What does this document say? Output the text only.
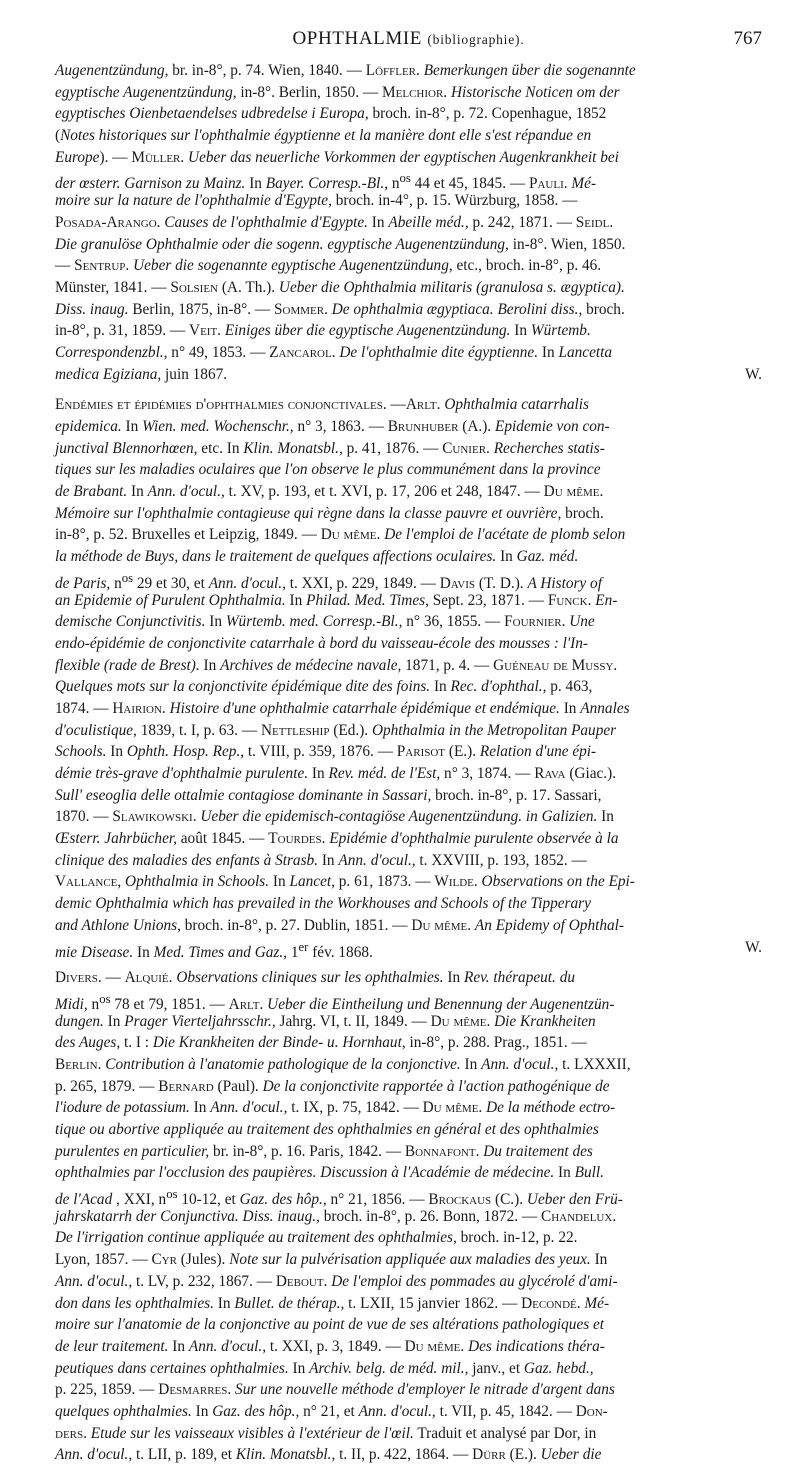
OPHTHALMIE (bibliographie).	767
Augenentzündung, br. in-8°, p. 74. Wien, 1840. — Löffler. Bemerkungen über die sogenannte
egyptische Augenentzündung, in-8°. Berlin, 1850. — Melchior. Historische Noticen om der
egyptisches Oienbetaendelses udbredelse i Europa, broch. in-8°, p. 72. Copenhague, 1852
(Notes historiques sur l'ophthalmie égyptienne et la manière dont elle s'est répandue en
Europe). — Müller. Ueber das neuerliche Vorkommen der egyptischen Augenkrankheit bei
der œsterr. Garnison zu Mainz. In Bayer. Corresp.-Bl., $n^{os}$ 44 et 45, 1845. — Pauli. Mé-
moire sur la nature de l'ophthalmie d'Egypte, broch. in-4°, p. 15. Würzburg, 1858. —
Posada-Arango. Causes de l'ophthalmie d'Egypte. In Abeille méd., p. 242, 1871. — Seidl.
Die granulöse Ophthalmie oder die sogenn. egyptische Augenentzündung, in-8°. Wien, 1850.
— Sentrup. Ueber die sogenannte egyptische Augenentzündung, etc., broch. in-8°, p. 46.
Münster, 1841. — Solsien (A. Th.). Ueber die Ophthalmia militaris (granulosa s. ægyptica).
Diss. inaug. Berlin, 1875, in-8°. — Sommer. De ophthalmia ægyptiaca. Berolini diss., broch.
in-8°, p. 31, 1859. — Veit. Einiges über die egyptische Augenentzündung. In Würtemb.
Correspondenzbl., n° 49, 1853. — Zancarol. De l'ophthalmie dite égyptienne. In Lancetta
medica Egiziana, juin 1867.	W.
Endémies et épidémies d'ophthalmies conjonctivales. —Arlt. Ophthalmia catarrhalis
epidemica. In Wien. med. Wochenschr., n° 3, 1863. — Brunhuber (A.). Epidemie von con-
junctival Blennorhœen, etc. In Klin. Monatsbl., p. 41, 1876. — Cunier. Recherches statis-
tiques sur les maladies oculaires que l'on observe le plus communément dans la province
de Brabant. In Ann. d'ocul., t. XV, p. 193, et t. XVI, p. 17, 206 et 248, 1847. — Du même.
Mémoire sur l'ophthalmie contagieuse qui règne dans la classe pauvre et ouvrière, broch.
in-8°, p. 52. Bruxelles et Leipzig, 1849. — Du même. De l'emploi de l'acétate de plomb selon
la méthode de Buys, dans le traitement de quelques affections oculaires. In Gaz. méd.
de Paris, $n^{os}$ 29 et 30, et Ann. d'ocul., t. XXI, p. 229, 1849. — Davis (T. D.). A History of
an Epidemie of Purulent Ophthalmia. In Philad. Med. Times, Sept. 23, 1871. — Funck. En-
demische Conjunctivitis. In Würtemb. med. Corresp.-Bl., n° 36, 1855. — Fournier. Une
endo-épidémie de conjonctivite catarrhale à bord du vaisseau-école des mousses : l'In-
flexible (rade de Brest). In Archives de médecine navale, 1871, p. 4. — Guéneau de Mussy.
Quelques mots sur la conjonctivite épidémique dite des foins. In Rec. d'ophthal., p. 463,
1874. — Hairion. Histoire d'une ophthalmie catarrhale épidémique et endémique. In Annales
d'oculistique, 1839, t. I, p. 63. — Nettleship (Ed.). Ophthalmia in the Metropolitan Pauper
Schools. In Ophth. Hosp. Rep., t. VIII, p. 359, 1876. — Parisot (E.). Relation d'une épi-
démie très-grave d'ophthalmie purulente. In Rev. méd. de l'Est, n° 3, 1874. — Rava (Giac.).
Sull' eseoglia delle ottalmie contagiose dominante in Sassari, broch. in-8°, p. 17. Sassari,
1870. — Slawikowski. Ueber die epidemisch-contagiöse Augenentzündung. in Galizien. In
Œsterr. Jahrbücher, août 1845. — Tourdes. Epidémie d'ophthalmie purulente observée à la
clinique des maladies des enfants à Strasb. In Ann. d'ocul., t. XXVIII, p. 193, 1852. —
Vallance, Ophthalmia in Schools. In Lancet, p. 61, 1873. — Wilde. Observations on the Epi-
demic Ophthalmia which has prevailed in the Workhouses and Schools of the Tipperary
and Athlone Unions, broch. in-8°, p. 27. Dublin, 1851. — Du même. An Epidemy of Ophthal-
mie Disease. In Med. Times and Gaz., 1er fév. 1868.	W.
Divers. — Alquié. Observations cliniques sur les ophthalmies. In Rev. thérapeut. du
Midi, $n^{os}$ 78 et 79, 1851. — Arlt. Ueber die Eintheilung und Benennung der Augenentzün-
dungen. In Prager Vierteljahrsschr., Jahrg. VI, t. II, 1849. — Du même. Die Krankheiten
des Auges, t. I : Die Krankheiten der Binde- u. Hornhaut, in-8°, p. 288. Prag., 1851. —
Berlin. Contribution à l'anatomie pathologique de la conjonctive. In Ann. d'ocul., t. LXXXII,
p. 265, 1879. — Bernard (Paul). De la conjonctivite rapportée à l'action pathogénique de
l'iodure de potassium. In Ann. d'ocul., t. IX, p. 75, 1842. — Du même. De la méthode ectro-
tique ou abortive appliquée au traitement des ophthalmies en général et des ophthalmies
purulentes en particulier, br. in-8°, p. 16. Paris, 1842. — Bonnafont. Du traitement des
ophthalmies par l'occlusion des paupières. Discussion à l'Académie de médecine. In Bull.
de l'Acad , XXI, $n^{os}$ 10-12, et Gaz. des hôp., n° 21, 1856. — Brockaus (C.). Ueber den Frü-
jahrskatarrh der Conjunctiva. Diss. inaug., broch. in-8°, p. 26. Bonn, 1872. — Chandelux.
De l'irrigation continue appliquée au traitement des ophthalmies, broch. in-12, p. 22.
Lyon, 1857. — Cyr (Jules). Note sur la pulvérisation appliquée aux maladies des yeux. In
Ann. d'ocul., t. LV, p. 232, 1867. — Debout. De l'emploi des pommades au glycérolé d'ami-
don dans les ophthalmies. In Bullet. de thérap., t. LXII, 15 janvier 1862. — Decondé. Mé-
moire sur l'anatomie de la conjonctive au point de vue de ses altérations pathologiques et
de leur traitement. In Ann. d'ocul., t. XXI, p. 3, 1849. — Du même. Des indications théra-
peutiques dans certaines ophthalmies. In Archiv. belg. de méd. mil., janv., et Gaz. hebd.,
p. 225, 1859. — Desmarres. Sur une nouvelle méthode d'employer le nitrade d'argent dans
quelques ophthalmies. In Gaz. des hôp., n° 21, et Ann. d'ocul., t. VII, p. 45, 1842. — Don-
ders. Etude sur les vaisseaux visibles à l'extérieur de l'œil. Traduit et analysé par Dor, in
Ann. d'ocul., t. LII, p. 189, et Klin. Monatsbl., t. II, p. 422, 1864. — Dürr (E.). Ueber die
